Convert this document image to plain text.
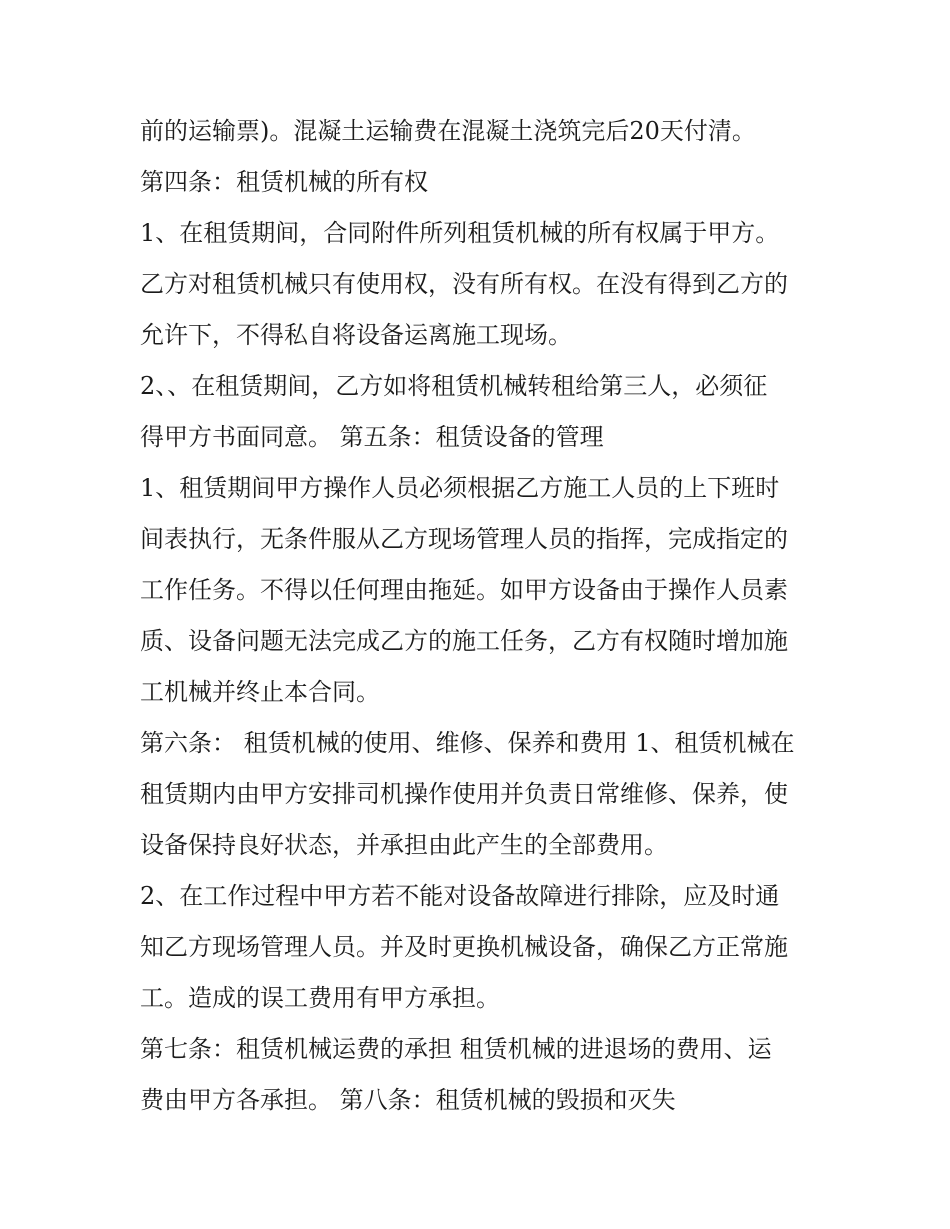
前的运输票)。混凝土运输费在混凝土浇筑完后20天付清。
第四条：租赁机械的所有权
1、在租赁期间，合同附件所列租赁机械的所有权属于甲方。
乙方对租赁机械只有使用权，没有所有权。在没有得到乙方的
允许下，不得私自将设备运离施工现场。
2、、在租赁期间，乙方如将租赁机械转租给第三人，必须征
得甲方书面同意。 第五条：租赁设备的管理
1、租赁期间甲方操作人员必须根据乙方施工人员的上下班时
间表执行，无条件服从乙方现场管理人员的指挥，完成指定的
工作任务。不得以任何理由拖延。如甲方设备由于操作人员素
质、设备问题无法完成乙方的施工任务，乙方有权随时增加施
工机械并终止本合同。
第六条： 租赁机械的使用、维修、保养和费用 1、租赁机械在
租赁期内由甲方安排司机操作使用并负责日常维修、保养，使
设备保持良好状态，并承担由此产生的全部费用。
2、在工作过程中甲方若不能对设备故障进行排除，应及时通
知乙方现场管理人员。并及时更换机械设备，确保乙方正常施
工。造成的误工费用有甲方承担。
第七条：租赁机械运费的承担 租赁机械的进退场的费用、运
费由甲方各承担。 第八条：租赁机械的毁损和灭失
